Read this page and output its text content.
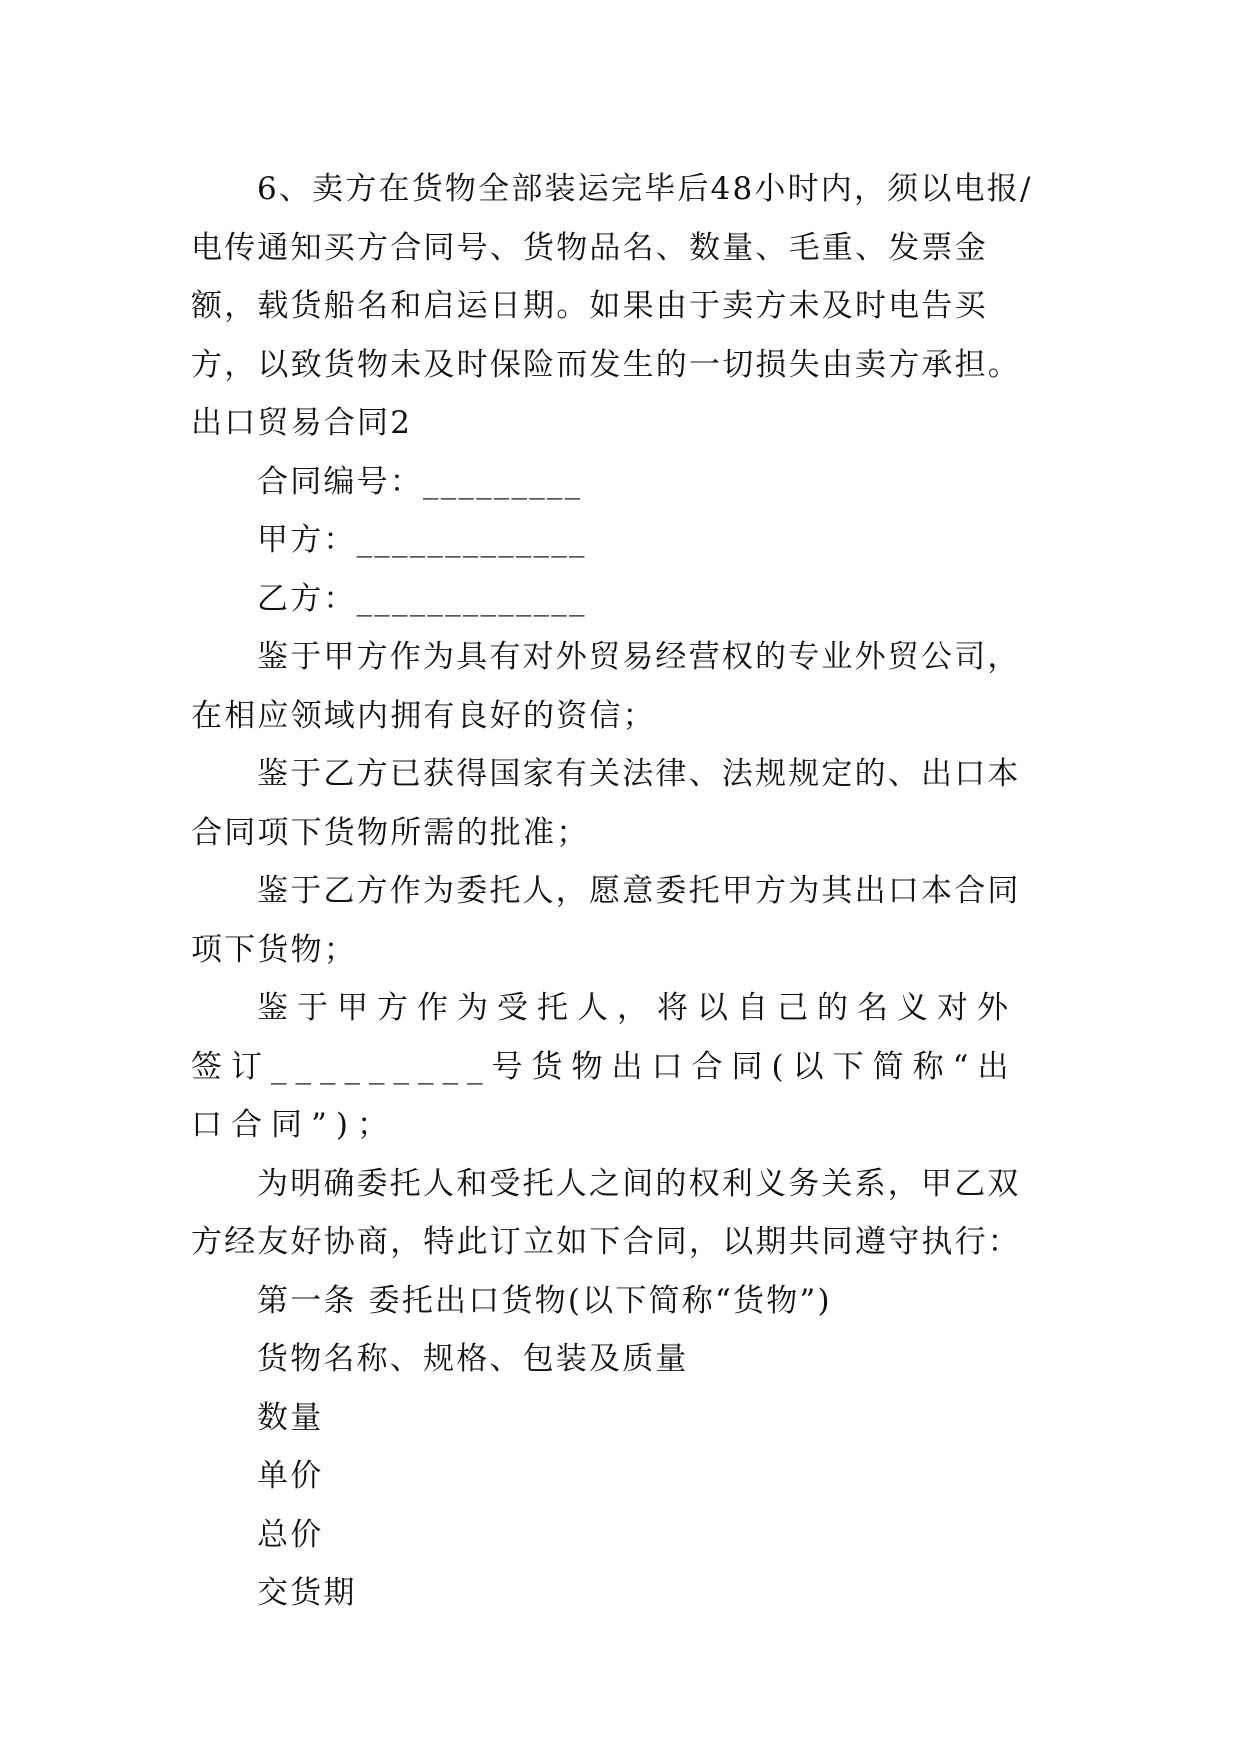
6、卖方在货物全部装运完毕后48小时内，须以电报/电传通知买方合同号、货物品名、数量、毛重、发票金额，载货船名和启运日期。如果由于卖方未及时电告买方，以致货物未及时保险而发生的一切损失由卖方承担。

出口贸易合同2

合同编号：_________

甲方：_____________

乙方：_____________

鉴于甲方作为具有对外贸易经营权的专业外贸公司，在相应领域内拥有良好的资信；

鉴于乙方已获得国家有关法律、法规规定的、出口本合同项下货物所需的批准；

鉴于乙方作为委托人，愿意委托甲方为其出口本合同项下货物；

鉴于甲方作为受托人，将以自己的名义对外签订_________号货物出口合同(以下简称“出口合同”)；

为明确委托人和受托人之间的权利义务关系，甲乙双方经友好协商，特此订立如下合同，以期共同遵守执行：

第一条 委托出口货物(以下简称“货物”)

货物名称、规格、包装及质量

数量

单价

总价

交货期
